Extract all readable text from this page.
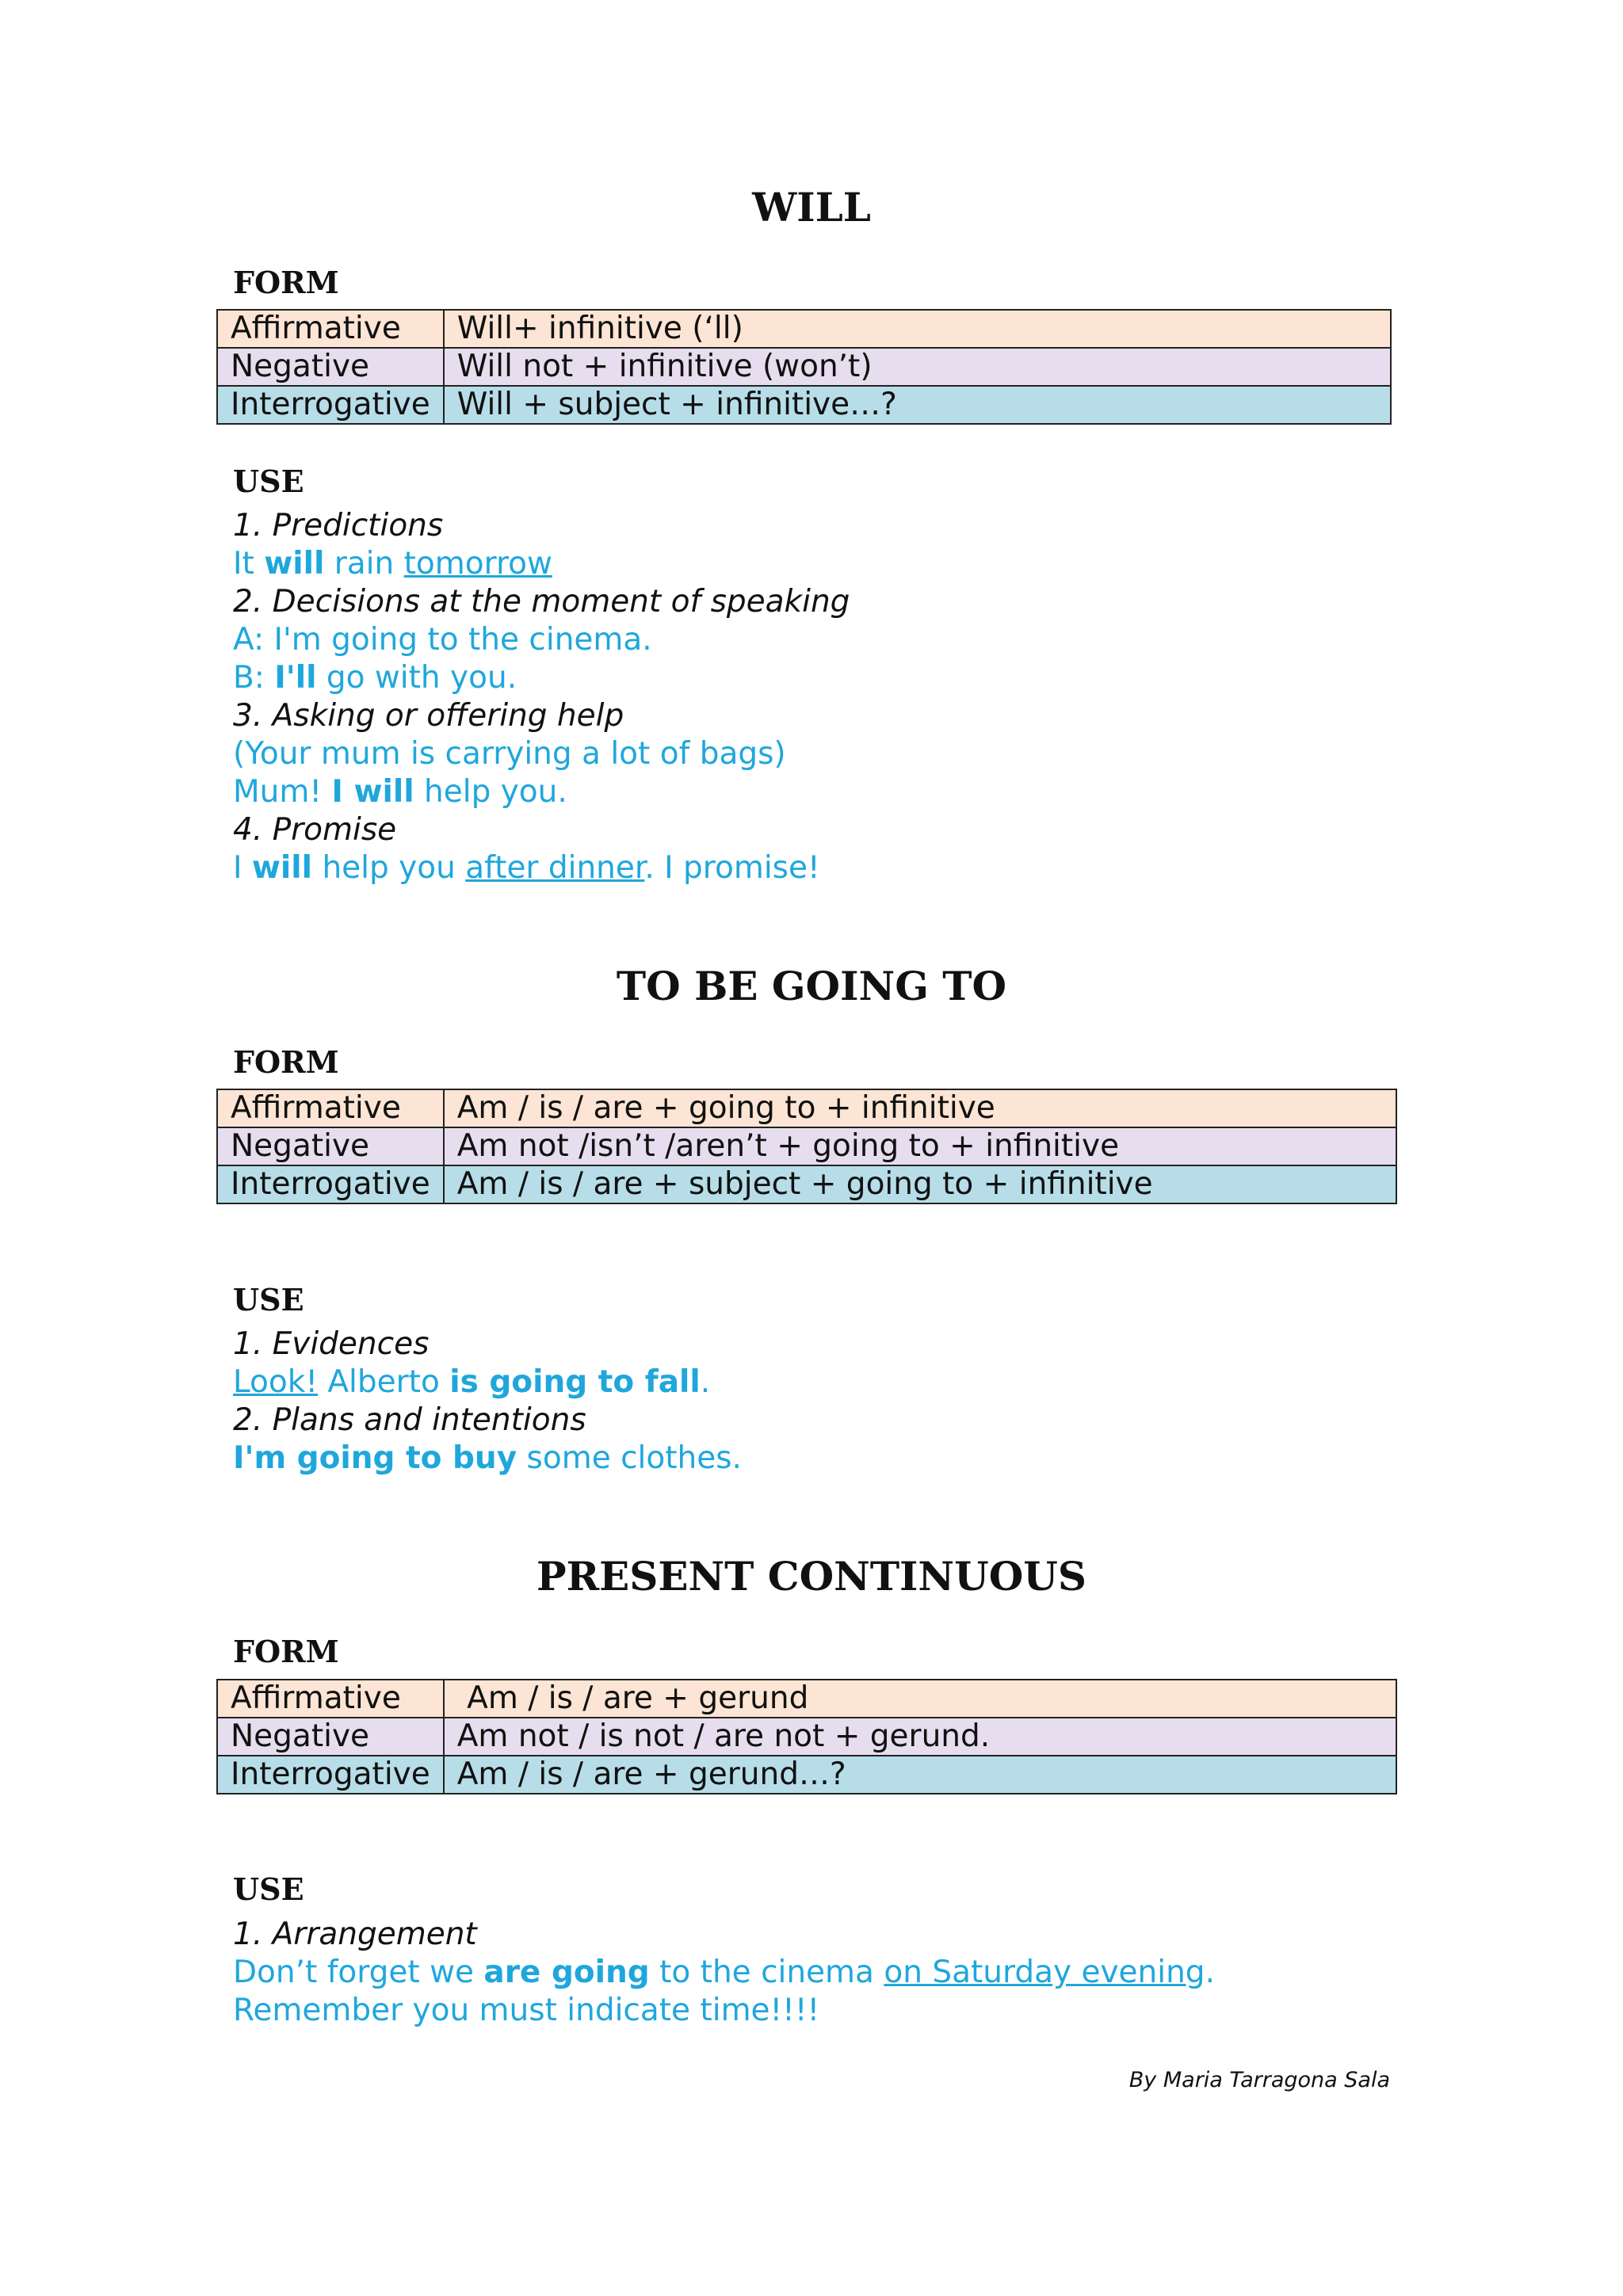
WILL
FORM
Affirmative	Will+ infinitive (‘ll)
Negative	Will not + infinitive (won’t)
Interrogative	Will + subject + infinitive…?
USE

1. Predictions

It will rain tomorrow

2. Decisions at the moment of speaking

A: I'm going to the cinema.

B: I'll go with you.

3. Asking or offering help

(Your mum is carrying a lot of bags)

Mum! I will help you.

4. Promise

I will help you after dinner. I promise!

TO BE GOING TO
FORM
Affirmative	Am / is / are + going to + infinitive
Negative	Am not /isn’t /aren’t + going to + infinitive
Interrogative	Am / is / are + subject + going to + infinitive
USE

1. Evidences

Look! Alberto is going to fall.

2. Plans and intentions

I'm going to buy some clothes.

PRESENT CONTINUOUS
FORM
Affirmative	Am / is / are + gerund
Negative	Am not / is not / are not + gerund.
Interrogative	Am / is / are + gerund…?
USE

1. Arrangement

Don’t forget we are going to the cinema on Saturday evening.

Remember you must indicate time!!!!

By Maria Tarragona Sala
